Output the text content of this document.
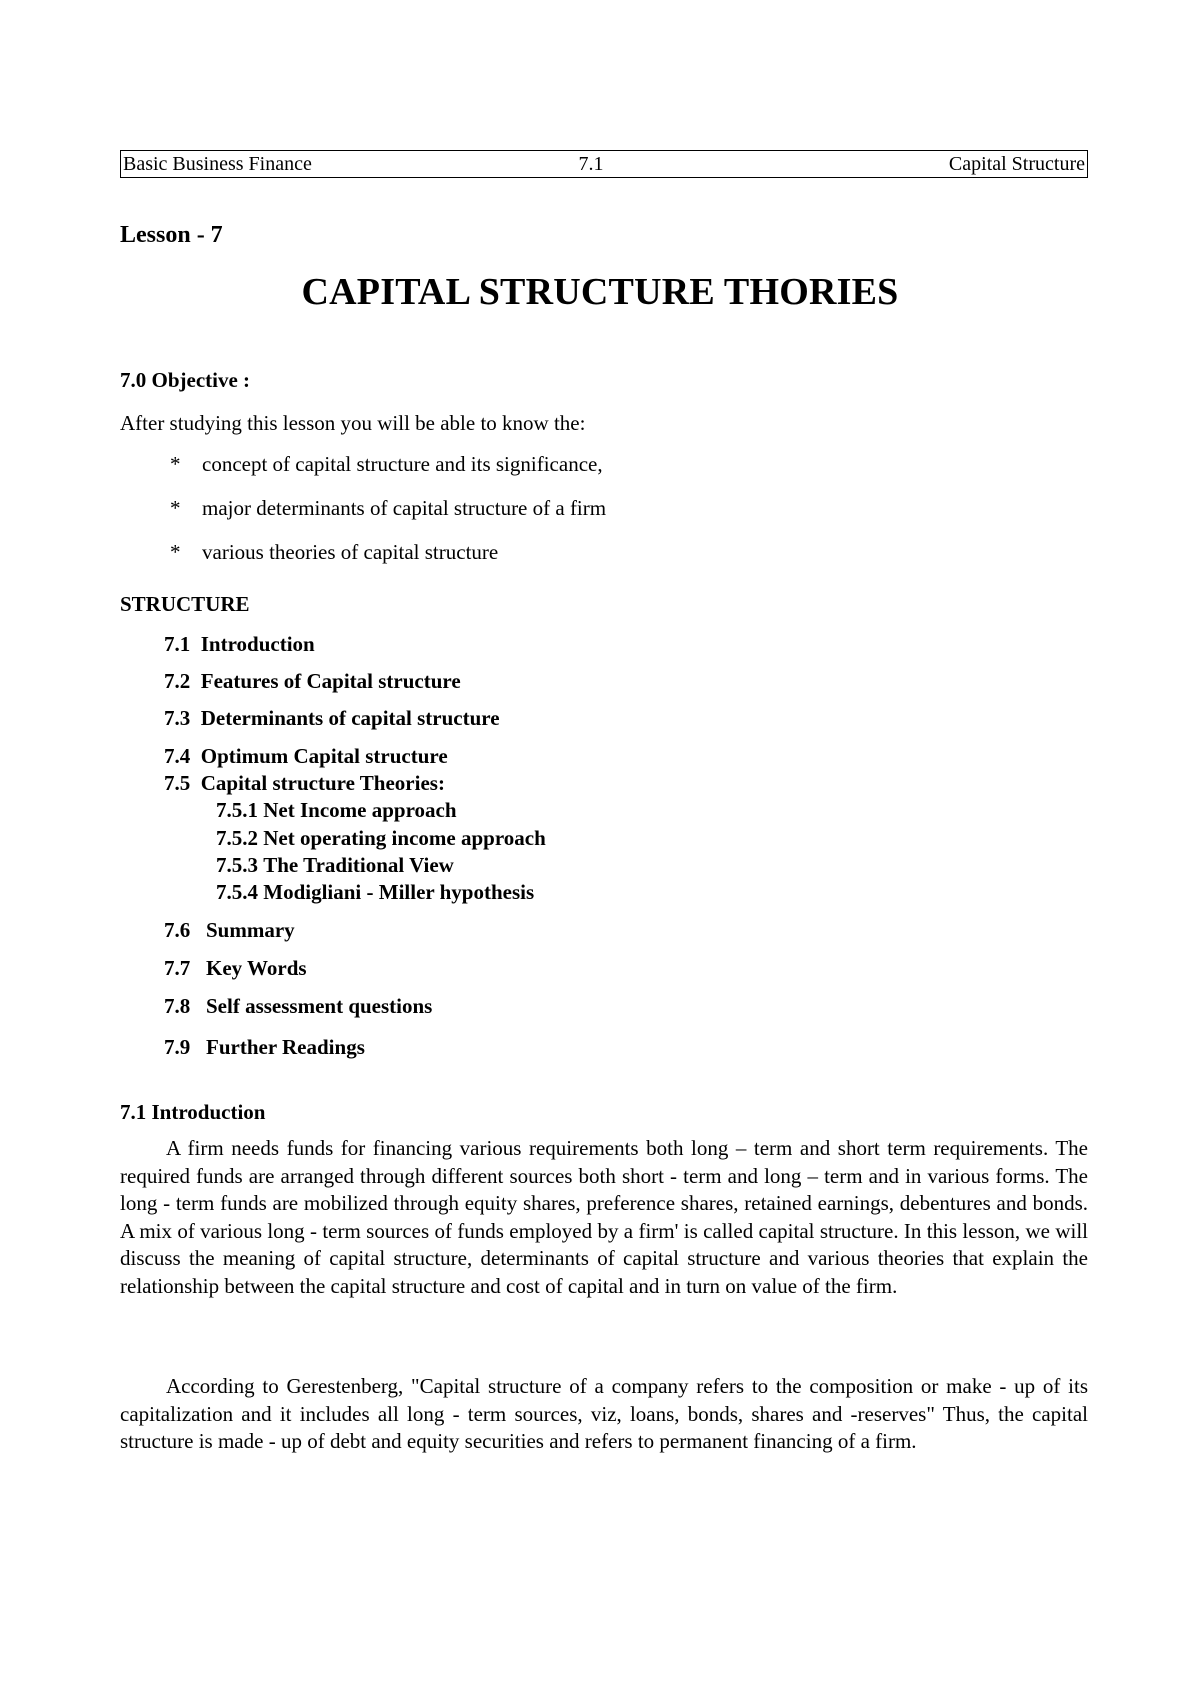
Basic Business Finance	7.1	Capital Structure
Lesson - 7
CAPITAL STRUCTURE THORIES
7.0 Objective :
After studying this lesson you will be able to know the:
* concept of capital structure and its significance,
* major determinants of capital structure of a firm
* various theories of capital structure
STRUCTURE
7.1 Introduction
7.2 Features of Capital structure
7.3 Determinants of capital structure
7.4 Optimum Capital structure
7.5 Capital structure Theories:
7.5.1 Net Income approach
7.5.2 Net operating income approach
7.5.3 The Traditional View
7.5.4 Modigliani - Miller hypothesis
7.6 Summary
7.7 Key Words
7.8 Self assessment questions
7.9 Further Readings
7.1 Introduction

A firm needs funds for financing various requirements both long – term and short term requirements. The required funds are arranged through different sources both short - term and long – term and in various forms. The long - term funds are mobilized through equity shares, preference shares, retained earnings, debentures and bonds. A mix of various long - term sources of funds employed by a firm' is called capital structure. In this lesson, we will discuss the meaning of capital structure, determinants of capital structure and various theories that explain the relationship between the capital structure and cost of capital and in turn on value of the firm.

According to Gerestenberg, "Capital structure of a company refers to the composition or make - up of its capitalization and it includes all long - term sources, viz, loans, bonds, shares and -reserves" Thus, the capital structure is made - up of debt and equity securities and refers to permanent financing of a firm.
